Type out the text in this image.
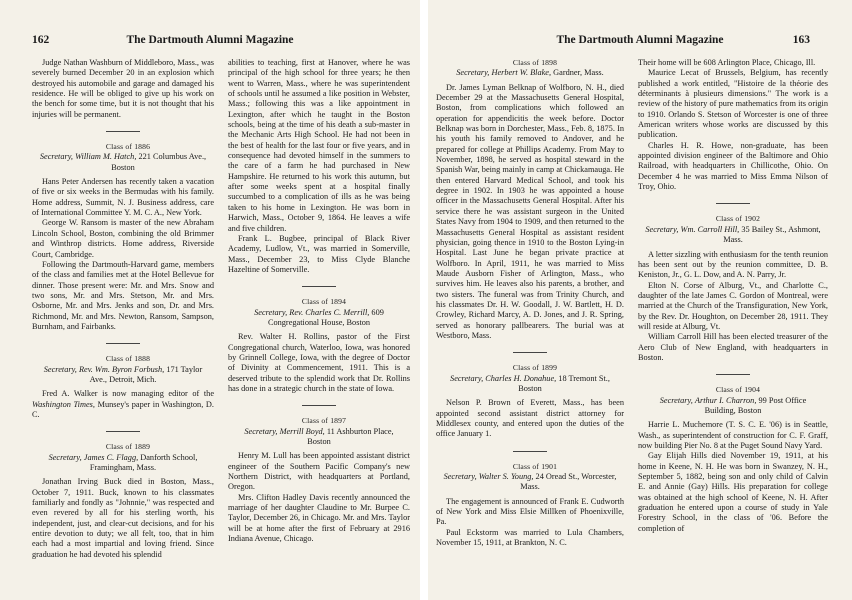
162	The Dartmouth Alumni Magazine

Judge Nathan Washburn of Middleboro, Mass., was severely burned December 20 in an explosion which destroyed his automobile and garage and damaged his residence. He will be obliged to give up his work on the bench for some time, but it is not thought that his injuries will be permanent.

Class of 1886

Secretary, William M. Hatch, 221 Columbus Ave., Boston

Hans Peter Andersen has recently taken a vacation of five or six weeks in the Bermudas with his family. Home address, Summit, N. J. Business address, care of International Committee Y. M. C. A., New York.

George W. Ransom is master of the new Abraham Lincoln School, Boston, combining the old Brimmer and Winthrop districts. Home address, Riverside Court, Cambridge.

Following the Dartmouth-Harvard game, members of the class and families met at the Hotel Bellevue for dinner. Those present were: Mr. and Mrs. Snow and two sons, Mr. and Mrs. Stetson, Mr. and Mrs. Osborne, Mr. and Mrs. Jenks and son, Dr. and Mrs. Richmond, Mr. and Mrs. Newton, Ransom, Sampson, Burnham, and Fairbanks.

Class of 1888

Secretary, Rev. Wm. Byron Forbush, 171 Taylor Ave., Detroit, Mich.

Fred A. Walker is now managing editor of the Washington Times, Munsey's paper in Washington, D. C.

Class of 1889

Secretary, James C. Flagg, Danforth School, Framingham, Mass.

Jonathan Irving Buck died in Boston, Mass., October 7, 1911. Buck, known to his classmates familiarly and fondly as "Johnnie," was respected and even revered by all for his sterling worth, his independent, just, and clear-cut decisions, and for his entire devotion to duty; we all felt, too, that in him each had a most impartial and loving friend. Since graduation he had devoted his splendid

abilities to teaching, first at Hanover, where he was principal of the high school for three years; he then went to Warren, Mass., where he was superintendent of schools until he assumed a like position in Webster, Mass.; following this was a like appointment in Lexington, after which he taught in the Boston schools, being at the time of his death a sub-master in the Mechanic Arts High School. He had not been in the best of health for the last four or five years, and in consequence had devoted himself in the summers to the care of a farm he had purchased in New Hampshire. He returned to his work this autumn, but after some weeks spent at a hospital finally succumbed to a complication of ills as he was being taken to his home in Lexington. He was born in Harwich, Mass., October 9, 1864. He leaves a wife and five children.

Frank L. Bugbee, principal of Black River Academy, Ludlow, Vt., was married in Somerville, Mass., December 23, to Miss Clyde Blanche Hazeltine of Somerville.

Class of 1894

Secretary, Rev. Charles C. Merrill, 609 Congregational House, Boston

Rev. Walter H. Rollins, pastor of the First Congregational church, Waterloo, Iowa, was honored by Grinnell College, Iowa, with the degree of Doctor of Divinity at Commencement, 1911. This is a deserved tribute to the splendid work that Dr. Rollins has done in a strategic church in the state of Iowa.

Class of 1897

Secretary, Merrill Boyd, 11 Ashburton Place, Boston

Henry M. Lull has been appointed assistant district engineer of the Southern Pacific Company's new Northern District, with headquarters at Portland, Oregon.

Mrs. Clifton Hadley Davis recently announced the marriage of her daughter Claudine to Mr. Burpee C. Taylor, December 26, in Chicago. Mr. and Mrs. Taylor will be at home after the first of February at 2916 Indiana Avenue, Chicago.

The Dartmouth Alumni Magazine	163

Class of 1898

Secretary, Herbert W. Blake, Gardner, Mass.

Dr. James Lyman Belknap of Wolfboro, N. H., died December 29 at the Massachusetts General Hospital, Boston, from complications which followed an operation for appendicitis the week before. Doctor Belknap was born in Dorchester, Mass., Feb. 8, 1875. In his youth his family removed to Andover, and he prepared for college at Phillips Academy. From May to November, 1898, he served as hospital steward in the Spanish War, being mainly in camp at Chickamauga. He then entered Harvard Medical School, and took his degree in 1902. In 1903 he was appointed a house officer in the Massachusetts General Hospital. After his service there he was assistant surgeon in the United States Navy from 1904 to 1909, and then returned to the Massachusetts General Hospital as assistant resident physician, going thence in 1910 to the Boston Lying-in Hospital. Last June he began private practice at Wolfboro. In April, 1911, he was married to Miss Maude Ausborn Fisher of Arlington, Mass., who survives him. He leaves also his parents, a brother, and two sisters. The funeral was from Trinity Church, and his classmates Dr. H. W. Goodall, J. W. Bartlett, H. D. Crowley, Richard Marcy, A. D. Jones, and J. R. Spring, served as honorary pallbearers. The burial was at Westboro, Mass.

Class of 1899

Secretary, Charles H. Donahue, 18 Tremont St., Boston

Nelson P. Brown of Everett, Mass., has been appointed second assistant district attorney for Middlesex county, and entered upon the duties of the office January 1.

Class of 1901

Secretary, Walter S. Young, 24 Oread St., Worcester, Mass.

The engagement is announced of Frank E. Cudworth of New York and Miss Elsie Millken of Phoenixville, Pa.

Paul Eckstorm was married to Lula Chambers, November 15, 1911, at Brankton, N. C.

Their home will be 608 Arlington Place, Chicago, Ill.

Maurice Lecat of Brussels, Belgium, has recently published a work entitled, "Histoire de la théorie des déterminants à plusieurs dimensions." The work is a review of the history of pure mathematics from its origin to 1910. Orlando S. Stetson of Worcester is one of three American writers whose works are discussed by this publication.

Charles H. R. Howe, non-graduate, has been appointed division engineer of the Baltimore and Ohio Railroad, with headquarters in Chillicothe, Ohio. On December 4 he was married to Miss Emma Nilson of Troy, Ohio.

Class of 1902

Secretary, Wm. Carroll Hill, 35 Bailey St., Ashmont, Mass.

A letter sizzling with enthusiasm for the tenth reunion has been sent out by the reunion committee, D. B. Keniston, Jr., G. L. Dow, and A. N. Parry, Jr.

Elton N. Corse of Alburg, Vt., and Charlotte C., daughter of the late James C. Gordon of Montreal, were married at the Church of the Transfiguration, New York, by the Rev. Dr. Houghton, on December 28, 1911. They will reside at Alburg, Vt.

William Carroll Hill has been elected treasurer of the Aero Club of New England, with headquarters in Boston.

Class of 1904

Secretary, Arthur I. Charron, 99 Post Office Building, Boston

Harrie L. Muchemore (T. S. C. E. '06) is in Seattle, Wash., as superintendent of construction for C. F. Graff, now building Pier No. 8 at the Puget Sound Navy Yard.

Gay Elijah Hills died November 19, 1911, at his home in Keene, N. H. He was born in Swanzey, N. H., September 5, 1882, being son and only child of Calvin E. and Annie (Gay) Hills. His preparation for college was obtained at the high school of Keene, N. H. After graduation he entered upon a course of study in Yale Forestry School, in the class of '06. Before the completion of
